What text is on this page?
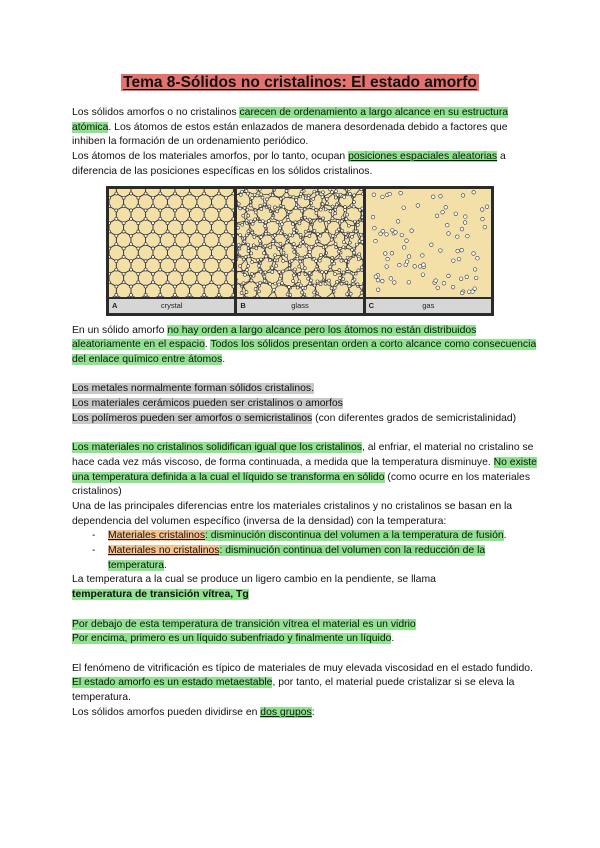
Tema 8-Sólidos no cristalinos: El estado amorfo

Los sólidos amorfos o no cristalinos carecen de ordenamiento a largo alcance en su estructura atómica. Los átomos de estos están enlazados de manera desordenada debido a factores que inhiben la formación de un ordenamiento periódico.

Los átomos de los materiales amorfos, por lo tanto, ocupan posiciones espaciales aleatorias a diferencia de las posiciones específicas en los sólidos cristalinos.

A	crystal	B	glass	C	gas

En un sólido amorfo no hay orden a largo alcance pero los átomos no están distribuidos aleatoriamente en el espacio. Todos los sólidos presentan orden a corto alcance como consecuencia del enlace químico entre átomos.

Los metales normalmente forman sólidos cristalinos.

Los materiales cerámicos pueden ser cristalinos o amorfos

Los polímeros pueden ser amorfos o semicristalinos (con diferentes grados de semicristalinidad)

Los materiales no cristalinos solidifican igual que los cristalinos, al enfriar, el material no cristalino se hace cada vez más viscoso, de forma continuada, a medida que la temperatura disminuye. No existe una temperatura definida a la cual el líquido se transforma en sólido (como ocurre en los materiales cristalinos)

Una de las principales diferencias entre los materiales cristalinos y no cristalinos se basan en la dependencia del volumen específico (inversa de la densidad) con la temperatura:

- Materiales cristalinos: disminución discontinua del volumen a la temperatura de fusión.
- Materiales no cristalinos: disminución continua del volumen con la reducción de la temperatura.

La temperatura a la cual se produce un ligero cambio en la pendiente, se llama

temperatura de transición vítrea, Tg

Por debajo de esta temperatura de transición vítrea el material es un vidrio

Por encima, primero es un líquido subenfriado y finalmente un líquido.

El fenómeno de vitrificación es típico de materiales de muy elevada viscosidad en el estado fundido. El estado amorfo es un estado metaestable, por tanto, el material puede cristalizar si se eleva la temperatura.

Los sólidos amorfos pueden dividirse en dos grupos:
